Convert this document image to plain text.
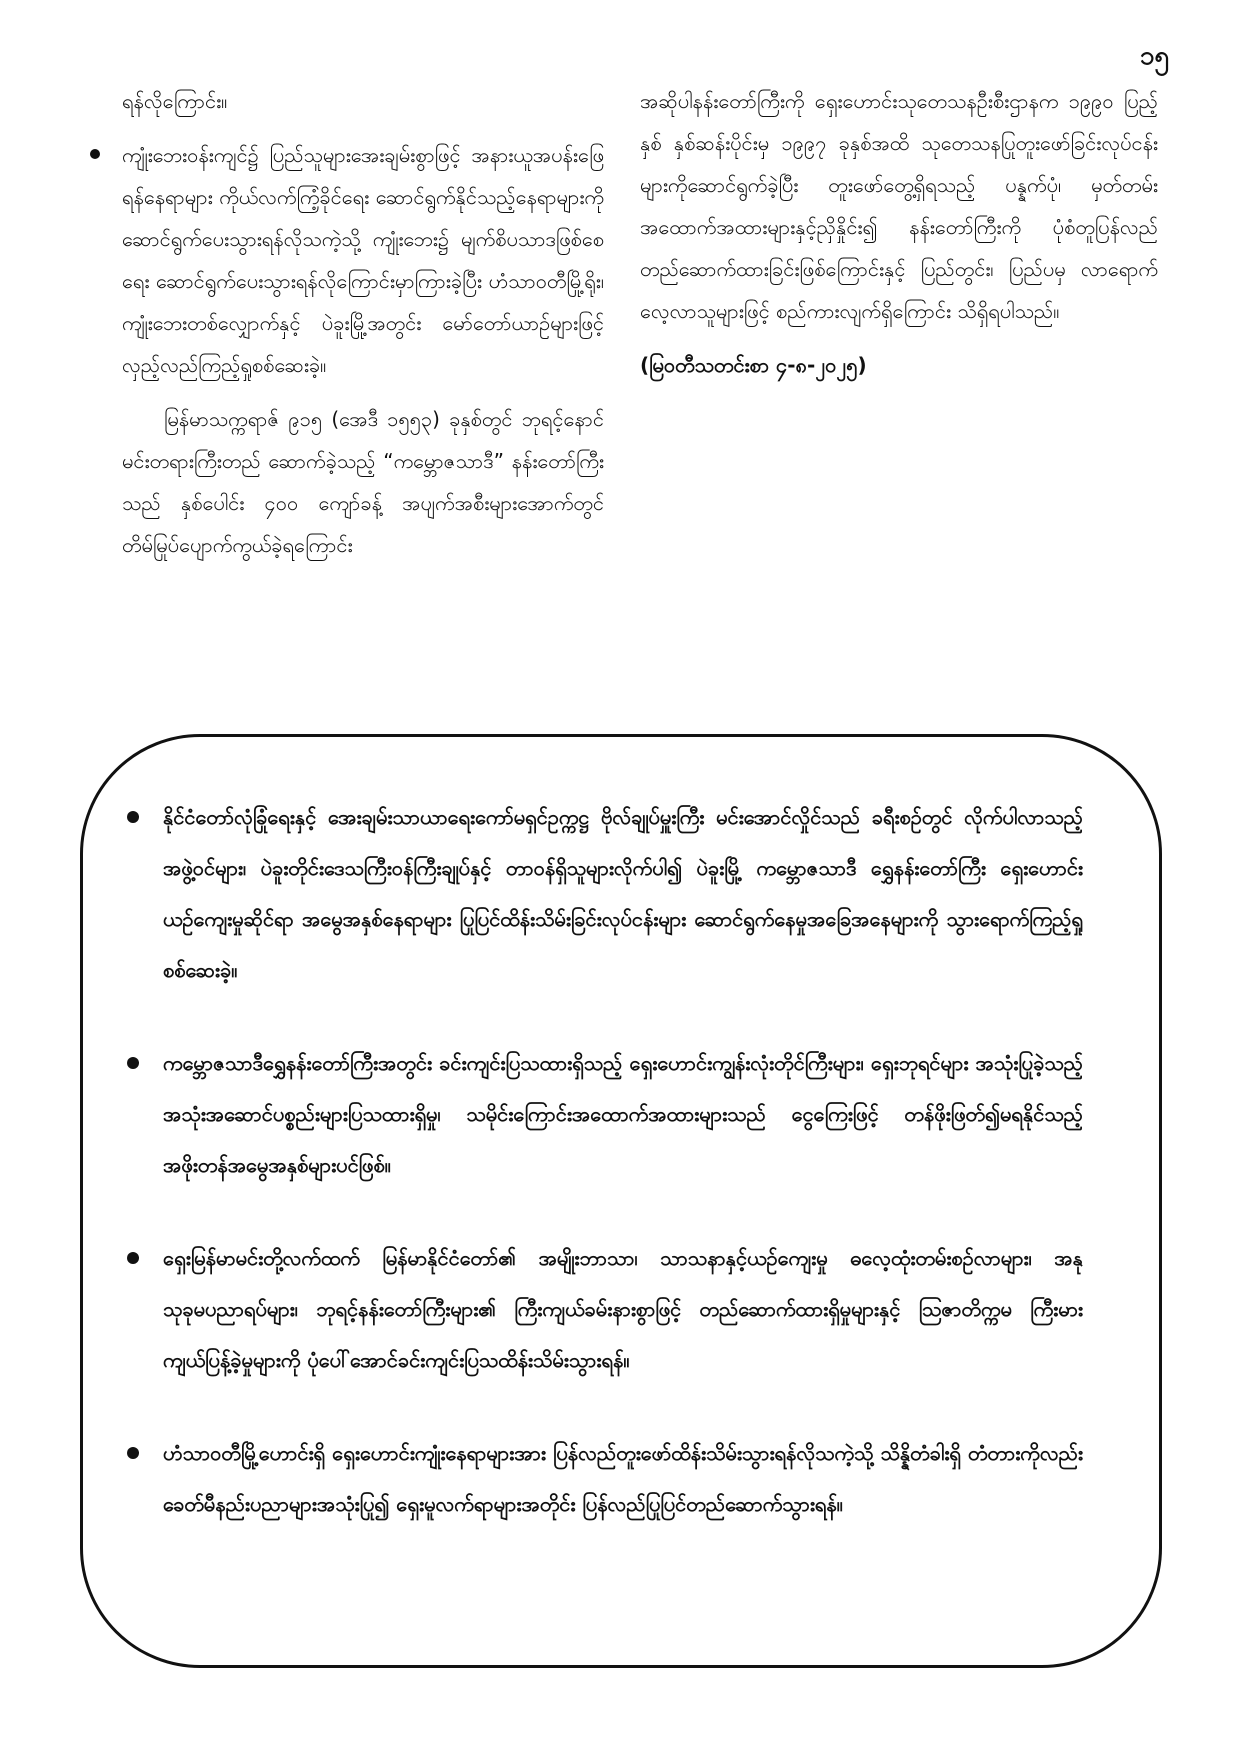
၁၅

ရန်လိုကြောင်း။

ကျုံးဘေးဝန်းကျင်၌ ပြည်သူများအေးချမ်းစွာဖြင့် အနားယူအပန်းဖြေရန်နေရာများ ကိုယ်လက်ကြံ့ခိုင်ရေး ဆောင်ရွက်နိုင်သည့်နေရာများကို ဆောင်ရွက်ပေးသွားရန်လိုသကဲ့သို့ ကျုံးဘေး၌ မျက်စိပသာဒဖြစ်စေရေး ဆောင်ရွက်ပေးသွားရန်လိုကြောင်းမှာကြားခဲ့ပြီး ဟံသာဝတီမြို့ရိုး၊ ကျုံးဘေးတစ်လျှောက်နှင့် ပဲခူးမြို့အတွင်း မော်တော်ယာဉ်များဖြင့် လှည့်လည်ကြည့်ရှုစစ်ဆေးခဲ့။

မြန်မာသက္ကရာဇ် ၉၁၅ (အေဒီ ၁၅၅၃) ခုနှစ်တွင် ဘုရင့်နောင်မင်းတရားကြီးတည် ဆောက်ခဲ့သည့် “ကမ္ဘောဇသာဒီ” နန်းတော်ကြီးသည် နှစ်ပေါင်း ၄၀၀ ကျော်ခန့် အပျက်အစီးများအောက်တွင် တိမ်မြုပ်ပျောက်ကွယ်ခဲ့ရကြောင်း

အဆိုပါနန်းတော်ကြီးကို ရှေးဟောင်းသုတေသနဦးစီးဌာနက ၁၉၉၀ ပြည့်နှစ် နှစ်ဆန်းပိုင်းမှ ၁၉၉၇ ခုနှစ်အထိ သုတေသနပြုတူးဖော်ခြင်းလုပ်ငန်းများကိုဆောင်ရွက်ခဲ့ပြီး တူးဖော်တွေ့ရှိရသည့် ပန္နက်ပုံ၊ မှတ်တမ်းအထောက်အထားများနှင့်ညှိနှိုင်း၍ နန်းတော်ကြီးကို ပုံစံတူပြန်လည်တည်ဆောက်ထားခြင်းဖြစ်ကြောင်းနှင့် ပြည်တွင်း၊ ပြည်ပမှ လာရောက်လေ့လာသူများဖြင့် စည်ကားလျက်ရှိကြောင်း သိရှိရပါသည်။

(မြဝတီသတင်းစာ ၄-၈-၂၀၂၅)

နိုင်ငံတော်လုံခြုံရေးနှင့် အေးချမ်းသာယာရေးကော်မရှင်ဥက္ကဋ္ဌ ဗိုလ်ချုပ်မှူးကြီး မင်းအောင်လှိုင်သည် ခရီးစဉ်တွင် လိုက်ပါလာသည့် အဖွဲ့ဝင်များ၊ ပဲခူးတိုင်းဒေသကြီးဝန်ကြီးချုပ်နှင့် တာဝန်ရှိသူများလိုက်ပါ၍ ပဲခူးမြို့ ကမ္ဘောဇသာဒီ ရွှေနန်းတော်ကြီး ရှေးဟောင်းယဉ်ကျေးမှုဆိုင်ရာ အမွေအနှစ်နေရာများ ပြုပြင်ထိန်းသိမ်းခြင်းလုပ်ငန်းများ ဆောင်ရွက်နေမှုအခြေအနေများကို သွားရောက်ကြည့်ရှုစစ်ဆေးခဲ့။
ကမ္ဘောဇသာဒီရွှေနန်းတော်ကြီးအတွင်း ခင်းကျင်းပြသထားရှိသည့် ရှေးဟောင်းကျွန်းလုံးတိုင်ကြီးများ၊ ရှေးဘုရင်များ အသုံးပြုခဲ့သည့် အသုံးအဆောင်ပစ္စည်းများပြသထားရှိမှု၊ သမိုင်းကြောင်းအထောက်အထားများသည် ငွေကြေးဖြင့် တန်ဖိုးဖြတ်၍မရနိုင်သည့် အဖိုးတန်အမွေအနှစ်များပင်ဖြစ်။
ရှေးမြန်မာမင်းတို့လက်ထက် မြန်မာနိုင်ငံတော်၏ အမျိုးဘာသာ၊ သာသနာနှင့်ယဉ်ကျေးမှု ဓလေ့ထုံးတမ်းစဉ်လာများ၊ အနုသုခုမပညာရပ်များ၊ ဘုရင့်နန်းတော်ကြီးများ၏ ကြီးကျယ်ခမ်းနားစွာဖြင့် တည်ဆောက်ထားရှိမှုများနှင့် သြဇာတိက္ကမ ကြီးမားကျယ်ပြန့်ခဲ့မှုများကို ပုံပေါ်အောင်ခင်းကျင်းပြသထိန်းသိမ်းသွားရန်။
ဟံသာဝတီမြို့ဟောင်းရှိ ရှေးဟောင်းကျုံးနေရာများအား ပြန်လည်တူးဖော်ထိန်းသိမ်းသွားရန်လိုသကဲ့သို့ သိန္နိတံခါးရှိ တံတားကိုလည်း ခေတ်မီနည်းပညာများအသုံးပြု၍ ရှေးမူလက်ရာများအတိုင်း ပြန်လည်ပြုပြင်တည်ဆောက်သွားရန်။
